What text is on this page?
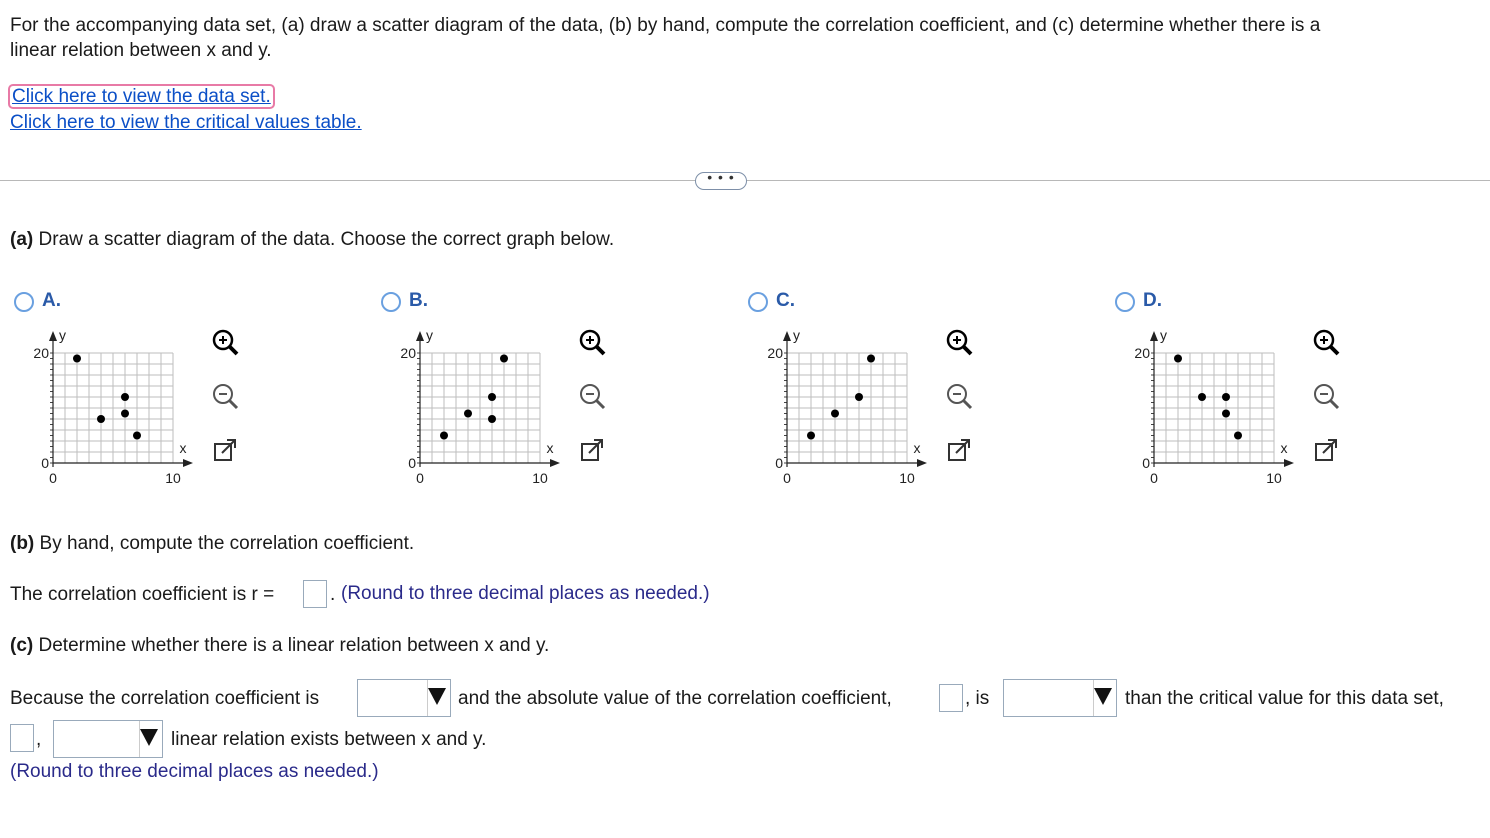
For the accompanying data set, (a) draw a scatter diagram of the data, (b) by hand, compute the correlation coefficient, and (c) determine whether there is a
linear relation between x and y.
Click here to view the data set.
Click here to view the critical values table.
• • •
(a) Draw a scatter diagram of the data. Choose the correct graph below.
A.
y
x
20
0
0	10
B.
y
x
20
0
0	10
C.
y
x
20
0
0	10
D.
y
x
20
0
0	10
(b) By hand, compute the correlation coefficient.
The correlation coefficient is r =	. (Round to three decimal places as needed.)
(c) Determine whether there is a linear relation between x and y.
Because the correlation coefficient is	and the absolute value of the correlation coefficient,	, is	than the critical value for this data set,
,	linear relation exists between x and y.
(Round to three decimal places as needed.)
